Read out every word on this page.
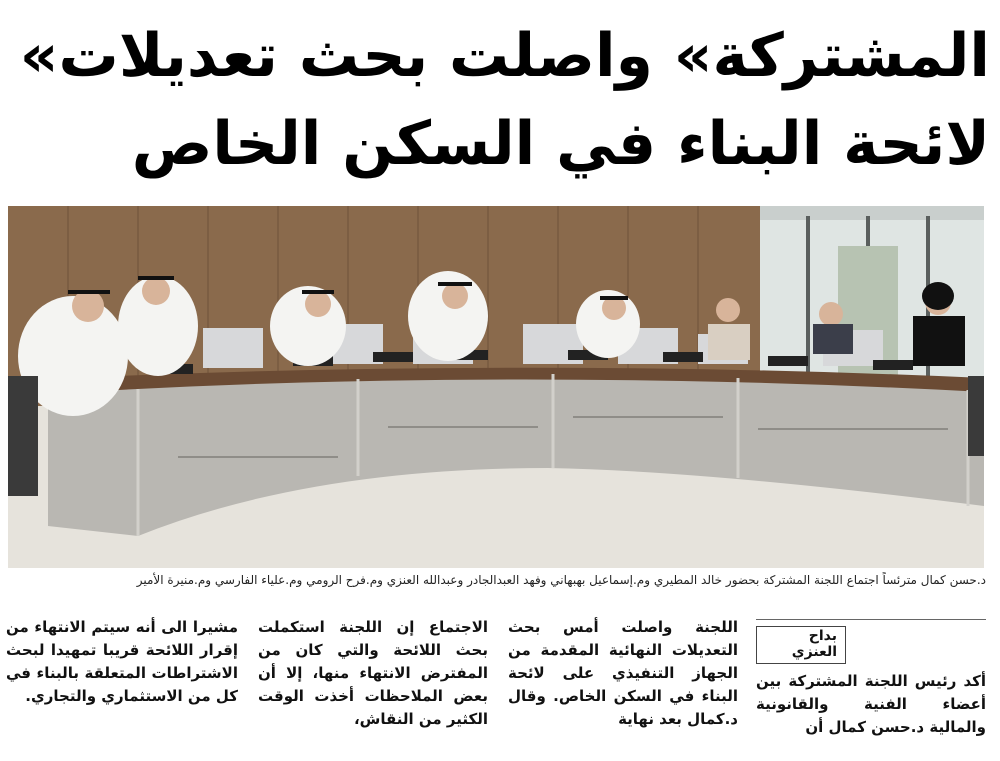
«المشتركة» واصلت بحث تعديلات
لائحة البناء في السكن الخاص
د.حسن كمال مترئساً اجتماع اللجنة المشتركة بحضور خالد المطيري وم.إسماعيل بهبهاني وفهد العبدالجادر وعبدالله العنزي وم.فرح الرومي وم.علياء الفارسي وم.منيرة الأمير
بداح العنزي

أكد رئيس اللجنة المشتركة بين أعضاء الفنية والقانونية والمالية د.حسن كمال أن

اللجنة واصلت أمس بحث التعديلات النهائية المقدمة من الجهاز التنفيذي على لائحة البناء في السكن الخاص. وقال د.كمال بعد نهاية

الاجتماع إن اللجنة استكملت بحث اللائحة والتي كان من المفترض الانتهاء منها، إلا أن بعض الملاحظات أخذت الوقت الكثير من النقاش،

مشيرا الى أنه سيتم الانتهاء من إقرار اللائحة قريبا تمهيدا لبحث الاشتراطات المتعلقة بالبناء في كل من الاستثماري والتجاري.
